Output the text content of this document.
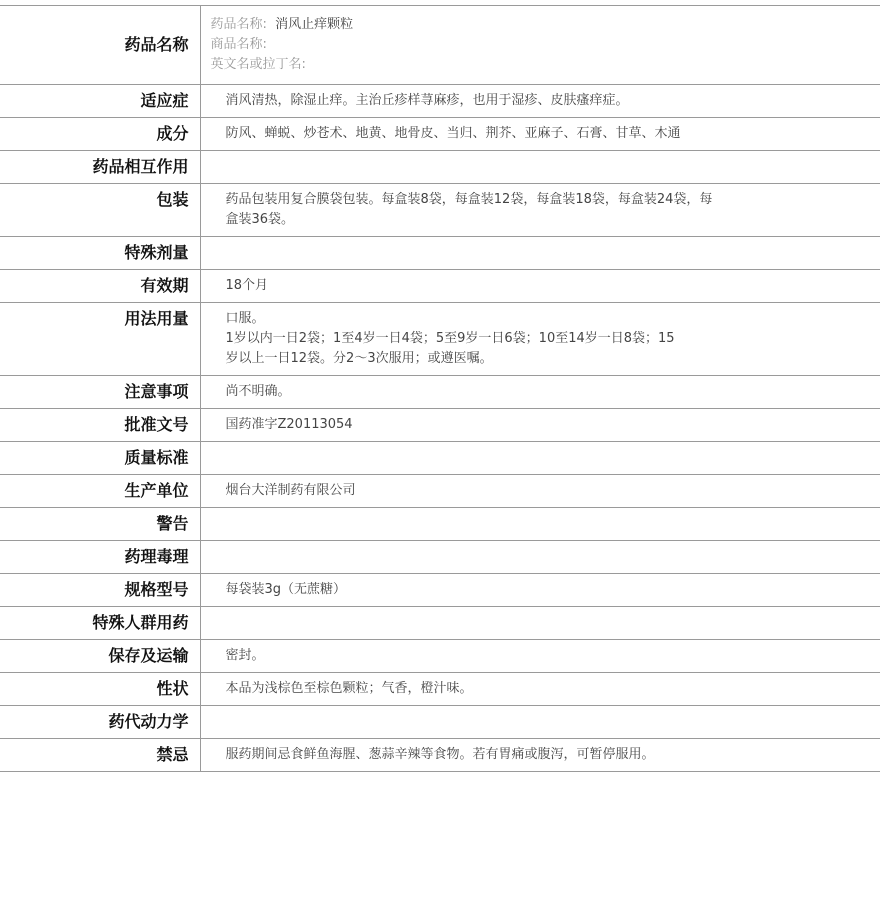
药品名称	药品名称: 消风止痒颗粒
商品名称:
英文名或拉丁名:

适应症	消风清热，除湿止痒。主治丘疹样荨麻疹，也用于湿疹、皮肤瘙痒症。
成分	防风、蝉蜕、炒苍术、地黄、地骨皮、当归、荆芥、亚麻子、石膏、甘草、木通
药品相互作用	
包装	药品包装用复合膜袋包装。每盒装8袋，每盒装12袋，每盒装18袋，每盒装24袋，每
盒装36袋。

特殊剂量	
有效期	18个月
用法用量	口服。
1岁以内一日2袋；1至4岁一日4袋；5至9岁一日6袋；10至14岁一日8袋；15
岁以上一日12袋。分2～3次服用；或遵医嘱。

注意事项	尚不明确。
批准文号	国药准字Z20113054
质量标准	
生产单位	烟台大洋制药有限公司
警告	
药理毒理	
规格型号	每袋装3g（无蔗糖）
特殊人群用药	
保存及运输	密封。
性状	本品为浅棕色至棕色颗粒；气香，橙汁味。
药代动力学	
禁忌	服药期间忌食鲜鱼海腥、葱蒜辛辣等食物。若有胃痛或腹泻，可暂停服用。
